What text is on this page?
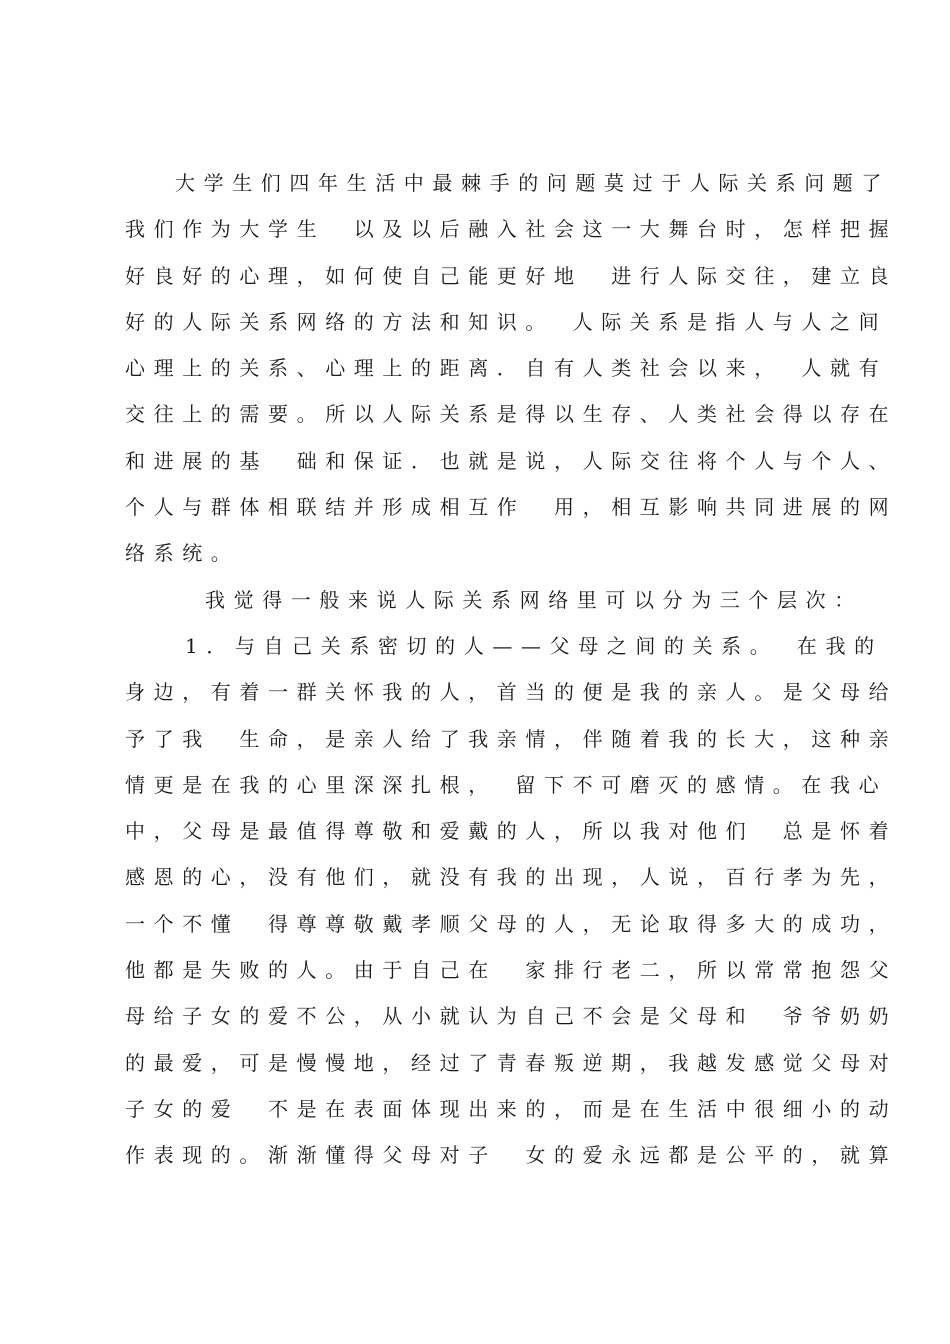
大学生们四年生活中最棘手的问题莫过于人际关系问题了
我们作为大学生　以及以后融入社会这一大舞台时，怎样把握
好良好的心理，如何使自己能更好地　进行人际交往，建立良
好的人际关系网络的方法和知识。　人际关系是指人与人之间
心理上的关系、心理上的距离．自有人类社会以来，　人就有
交往上的需要。所以人际关系是得以生存、人类社会得以存在
和进展的基　础和保证．也就是说，人际交往将个人与个人、
个人与群体相联结并形成相互作　用，相互影响共同进展的网
络系统。
我觉得一般来说人际关系网络里可以分为三个层次：
1．与自己关系密切的人——父母之间的关系。　在我的
身边，有着一群关怀我的人，首当的便是我的亲人。是父母给
予了我　生命，是亲人给了我亲情，伴随着我的长大，这种亲
情更是在我的心里深深扎根，　留下不可磨灭的感情。在我心
中，父母是最值得尊敬和爱戴的人，所以我对他们　总是怀着
感恩的心，没有他们，就没有我的出现，人说，百行孝为先，
一个不懂　得尊尊敬戴孝顺父母的人，无论取得多大的成功，
他都是失败的人。由于自己在　家排行老二，所以常常抱怨父
母给子女的爱不公，从小就认为自己不会是父母和　爷爷奶奶
的最爱，可是慢慢地，经过了青春叛逆期，我越发感觉父母对
子女的爱　不是在表面体现出来的，而是在生活中很细小的动
作表现的。渐渐懂得父母对子　女的爱永远都是公平的，就算
